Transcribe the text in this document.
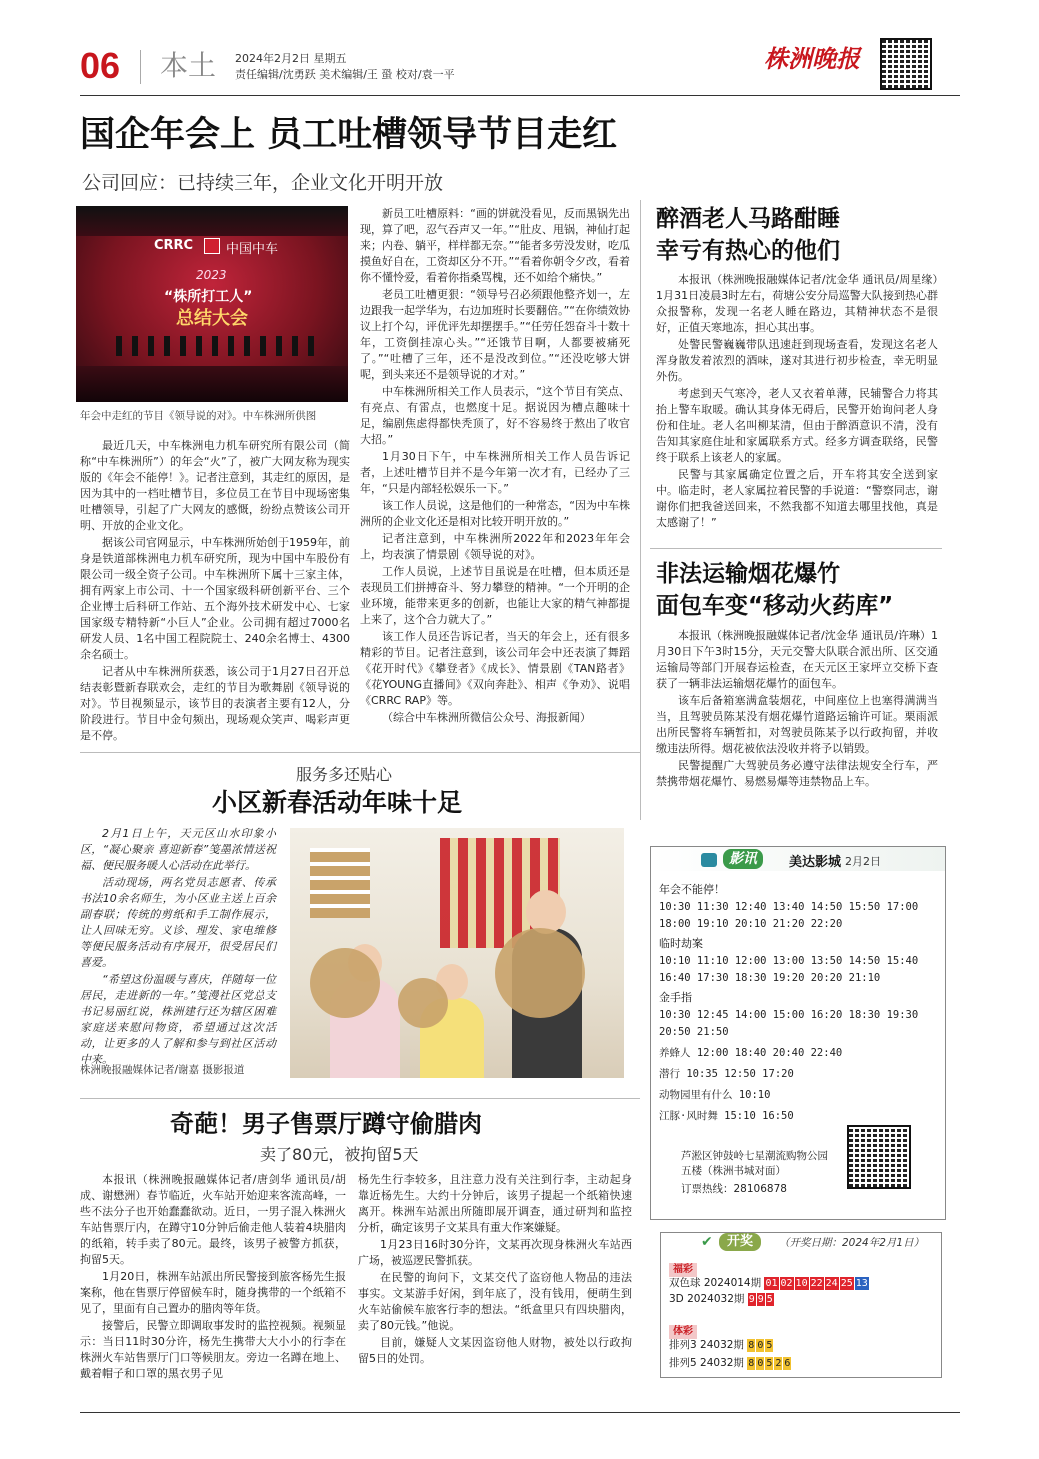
06 本土 2024年2月2日 星期五
责任编辑/沈勇跃 美术编辑/王 蛩 校对/袁一平
株洲晚报
国企年会上 员工吐槽领导节目走红
公司回应：已持续三年，企业文化开明开放
CRRC	中国中车
2023
“株所打工人”
总结大会
年会中走红的节目《领导说的对》。中车株洲所供图

最近几天，中车株洲电力机车研究所有限公司（简称“中车株洲所”）的年会“火”了，被广大网友称为现实版的《年会不能停！》。记者注意到，其走红的原因，是因为其中的一档吐槽节目，多位员工在节目中现场密集吐槽领导，引起了广大网友的感慨，纷纷点赞该公司开明、开放的企业文化。

据该公司官网显示，中车株洲所始创于1959年，前身是铁道部株洲电力机车研究所，现为中国中车股份有限公司一级全资子公司。中车株洲所下属十三家主体，拥有两家上市公司、十一个国家级科研创新平台、三个企业博士后科研工作站、五个海外技术研发中心、七家国家级专精特新“小巨人”企业。公司拥有超过7000名研发人员、1名中国工程院院士、240余名博士、4300余名硕士。

记者从中车株洲所获悉，该公司于1月27日召开总结表彰暨新春联欢会，走红的节目为歌舞剧《领导说的对》。节目视频显示，该节目的表演者主要有12人，分阶段进行。节目中金句频出，现场观众笑声、喝彩声更是不停。

新员工吐槽原料：“画的饼就没看见，反而黑锅先出现，算了吧，忍气吞声又一年。”“肚皮、甩锅，神仙打起来；内卷、躺平，样样都无奈。”“能者多劳没发财，吃瓜摸鱼好自在，工资却区分不开。”“看着你朝令夕改，看着你不懂怜爱，看着你指桑骂槐，还不如给个痛快。”

老员工吐槽更狠：“领导号召必须跟他整齐划一，左边跟我一起学华为，右边加班时长要翻倍。”“在你绩效协议上打个勾，评优评先却摆摆手。”“任劳任怨奋斗十数十年，工资倒挂凉心头。”“还饿节目啊，人都要被痛死了。”“吐槽了三年，还不是没改到位。”“还没吃够大饼呢，到头来还不是领导说的才对。”

中车株洲所相关工作人员表示，“这个节目有笑点、有亮点、有雷点，也燃度十足。据说因为槽点趣味十足，编剧焦虑得都快秃顶了，好不容易终于熬出了收官大招。”

1月30日下午，中车株洲所相关工作人员告诉记者，上述吐槽节目并不是今年第一次才有，已经办了三年，“只是内部轻松娱乐一下。”

该工作人员说，这是他们的一种常态，“因为中车株洲所的企业文化还是相对比较开明开放的。”

记者注意到，中车株洲所2022年和2023年年会上，均表演了情景剧《领导说的对》。

工作人员说，上述节目虽说是在吐槽，但本质还是表现员工们拼搏奋斗、努力攀登的精神。“一个开明的企业环境，能带来更多的创新，也能让大家的精气神都提上来了，这个合力就大了。”

该工作人员还告诉记者，当天的年会上，还有很多精彩的节目。记者注意到，该公司年会中还表演了舞蹈《花开时代》《攀登者》《成长》、情景剧《TAN路者》《花YOUNG直播间》《双向奔赴》、相声《争劝》、说唱《CRRC RAP》等。

（综合中车株洲所微信公众号、海报新闻）

醉酒老人马路酣睡
幸亏有热心的他们

本报讯（株洲晚报融媒体记者/沈金华 通讯员/周星缘）1月31日凌晨3时左右，荷塘公安分局巡警大队接到热心群众报警称，发现一名老人睡在路边，其精神状态不是很好，正值天寒地冻，担心其出事。

处警民警巍巍带队迅速赶到现场查看，发现这名老人浑身散发着浓烈的酒味，遂对其进行初步检查，幸无明显外伤。

考虑到天气寒冷，老人又衣着单薄，民辅警合力将其抬上警车取暖。确认其身体无碍后，民警开始询问老人身份和住址。老人名叫柳某清，但由于醉酒意识不清，没有告知其家庭住址和家属联系方式。经多方调查联络，民警终于联系上该老人的家属。

民警与其家属确定位置之后，开车将其安全送到家中。临走时，老人家属拉着民警的手说道：“警察同志，谢谢你们把我爸送回来，不然我都不知道去哪里找他，真是太感谢了！”

非法运输烟花爆竹
面包车变“移动火药库”

本报讯（株洲晚报融媒体记者/沈金华 通讯员/许琳）1月30日下午3时15分，天元交警大队联合派出所、区交通运输局等部门开展春运检查，在天元区王家坪立交桥下查获了一辆非法运输烟花爆竹的面包车。

该车后备箱塞满盒装烟花，中间座位上也塞得满满当当，且驾驶员陈某没有烟花爆竹道路运输许可证。栗雨派出所民警将车辆暂扣，对驾驶员陈某予以行政拘留，并收缴违法所得。烟花被依法没收并将予以销毁。

民警提醒广大驾驶员务必遵守法律法规安全行车，严禁携带烟花爆竹、易燃易爆等违禁物品上车。

服务多还贴心
小区新春活动年味十足

2月1日上午，天元区山水印象小区，“凝心聚亲 喜迎新春”笺墨浓情送祝福、便民服务暖人心活动在此举行。

活动现场，两名党员志愿者、传承书法10余名师生，为小区业主送上百余副春联；传统的剪纸和手工制作展示，让人回味无穷。义诊、理发、家电维修等便民服务活动有序展开，很受居民们喜爱。

“希望这份温暖与喜庆，伴随每一位居民，走进新的一年。”笺漫社区党总支书记易丽红说，株洲建行还为辖区困难家庭送来慰问物资，希望通过这次活动，让更多的人了解和参与到社区活动中来。

株洲晚报融媒体记者/谢嘉 摄影报道
奇葩！男子售票厅蹲守偷腊肉
卖了80元，被拘留5天

本报讯（株洲晚报融媒体记者/唐剑华 通讯员/胡成、谢懋洲）春节临近，火车站开始迎来客流高峰，一些不法分子也开始蠢蠢欲动。近日，一男子混入株洲火车站售票厅内，在蹲守10分钟后偷走他人装着4块腊肉的纸箱，转手卖了80元。最终，该男子被警方抓获，拘留5天。

1月20日，株洲车站派出所民警接到旅客杨先生报案称，他在售票厅停留候车时，随身携带的一个纸箱不见了，里面有自己置办的腊肉等年货。

接警后，民警立即调取事发时的监控视频。视频显示：当日11时30分许，杨先生携带大大小小的行李在株洲火车站售票厅门口等候朋友。旁边一名蹲在地上、戴着帽子和口罩的黑衣男子见

杨先生行李较多，且注意力没有关注到行李，主动起身靠近杨先生。大约十分钟后，该男子提起一个纸箱快速离开。株洲车站派出所随即展开调查，通过研判和监控分析，确定该男子文某具有重大作案嫌疑。

1月23日16时30分许，文某再次现身株洲火车站西广场，被巡逻民警抓获。

在民警的询问下，文某交代了盗窃他人物品的违法事实。文某游手好闲，到年底了，没有钱用，便萌生到火车站偷候车旅客行李的想法。“纸盒里只有四块腊肉，卖了80元钱。”他说。

目前，嫌疑人文某因盗窃他人财物，被处以行政拘留5日的处罚。

影讯	美达影城 2月2日
年会不能停！
10:30 11:30 12:40 13:40 14:50 15:50 17:00 18:00 19:10 20:10 21:20 22:20
临时劫案
10:10 11:10 12:00 13:00 13:50 14:50 15:40 16:40 17:30 18:30 19:20 20:20 21:10
金手指
10:30 12:45 14:00 15:00 16:20 18:30 19:30 20:50 21:50
养蜂人 12:00 18:40 20:40 22:40
潜行 10:35 12:50 17:20
动物园里有什么 10:10
江豚·风时舞 15:10 16:50
芦淞区钟鼓岭七星潮流购物公园五楼（株洲书城对面）
订票热线：28106878
✔	开奖	（开奖日期：2024年2月1日）
福彩
双色球 2024014期 01 02 10 22 24 25 13
3D 2024032期 9 9 5
体彩
排列3 24032期 8 0 5
排列5 24032期 8 0 5 2 6
